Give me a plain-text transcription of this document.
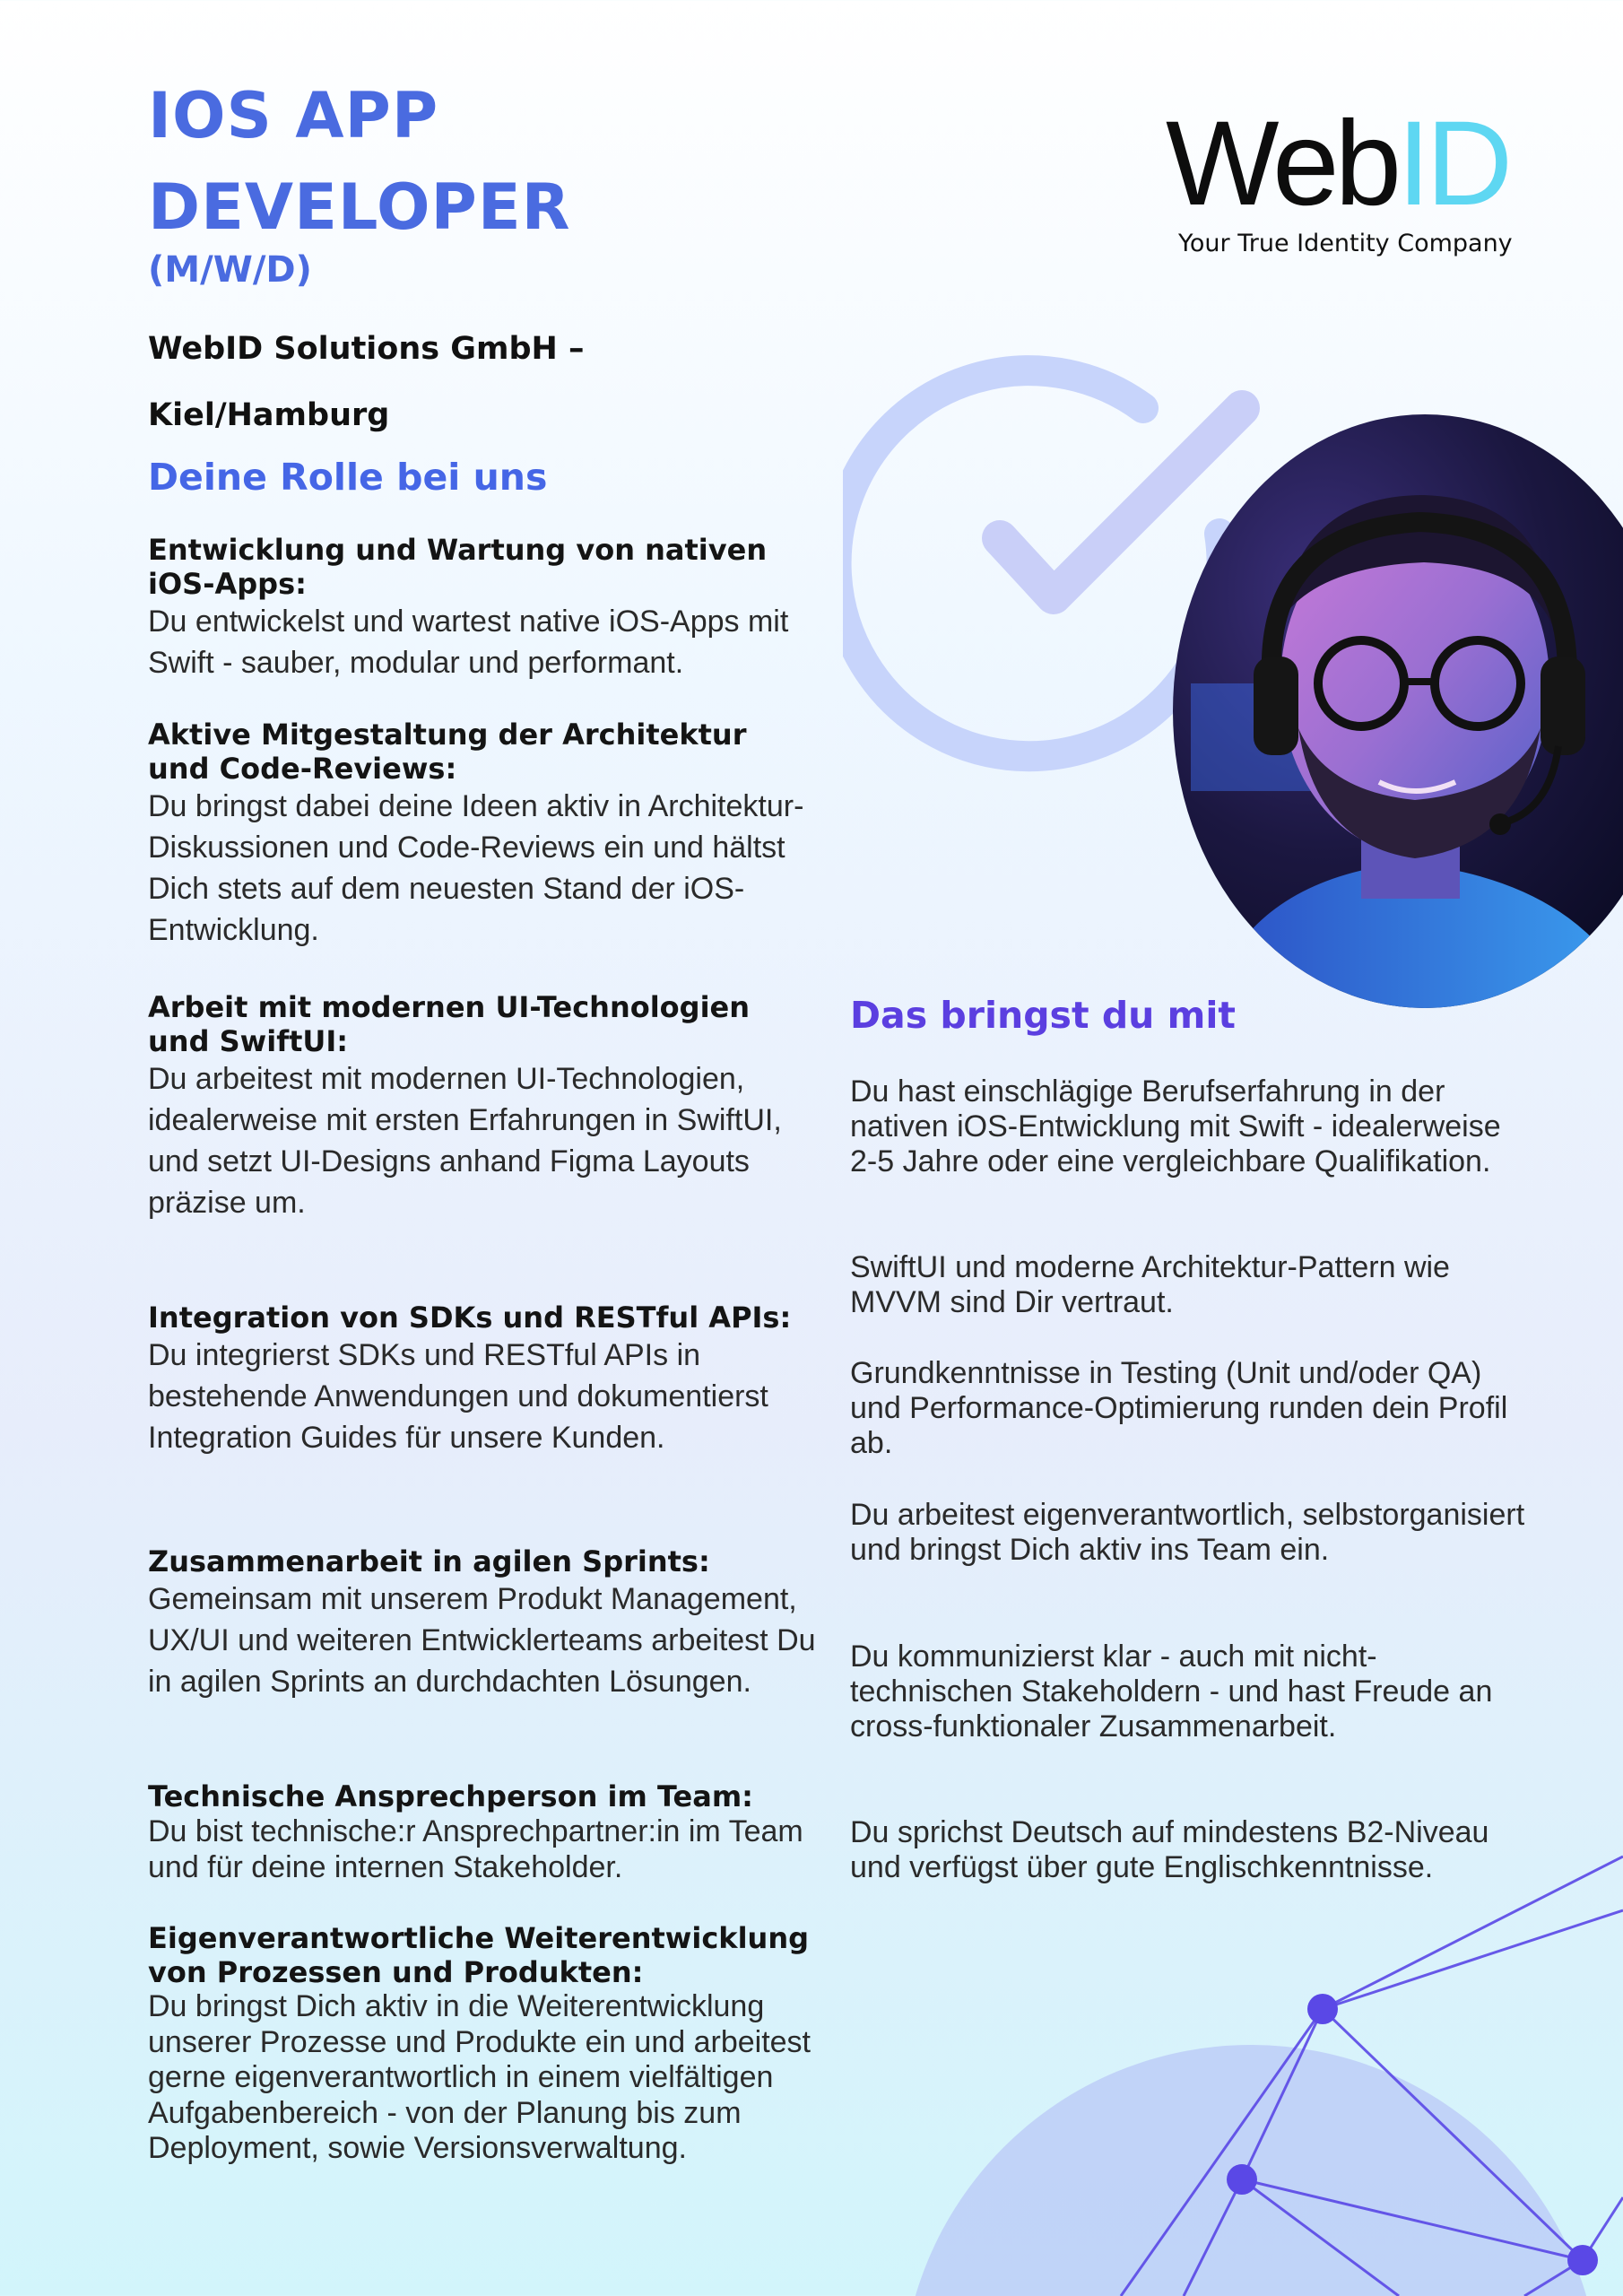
IOS APP
DEVELOPER
(M/W/D)
WebID Solutions GmbH –
Kiel/Hamburg
WebID
Your True Identity Company
Deine Rolle bei uns
Entwicklung und Wartung von nativen iOS-Apps:

Du entwickelst und wartest native iOS-Apps mit Swift - sauber, modular und performant.

Aktive Mitgestaltung der Architektur und Code-Reviews:

Du bringst dabei deine Ideen aktiv in Architektur-Diskussionen und Code-Reviews ein und hältst Dich stets auf dem neuesten Stand der iOS-Entwicklung.

Arbeit mit modernen UI-Technologien und SwiftUI:

Du arbeitest mit modernen UI-Technologien, idealerweise mit ersten Erfahrungen in SwiftUI, und setzt UI-Designs anhand Figma Layouts präzise um.

Integration von SDKs und RESTful APIs:

Du integrierst SDKs und RESTful APIs in bestehende Anwendungen und dokumentierst Integration Guides für unsere Kunden.

Zusammenarbeit in agilen Sprints:

Gemeinsam mit unserem Produkt Management, UX/UI und weiteren Entwicklerteams arbeitest Du in agilen Sprints an durchdachten Lösungen.

Technische Ansprechperson im Team:

Du bist technische:r Ansprechpartner:in im Team und für deine internen Stakeholder.

Eigenverantwortliche Weiterentwicklung von Prozessen und Produkten:

Du bringst Dich aktiv in die Weiterentwicklung unserer Prozesse und Produkte ein und arbeitest gerne eigenverantwortlich in einem vielfältigen Aufgabenbereich - von der Planung bis zum Deployment, sowie Versionsverwaltung.

Das bringst du mit

Du hast einschlägige Berufserfahrung in der nativen iOS-Entwicklung mit Swift - idealerweise 2-5 Jahre oder eine vergleichbare Qualifikation.

SwiftUI und moderne Architektur-Pattern wie MVVM sind Dir vertraut.

Grundkenntnisse in Testing (Unit und/oder QA) und Performance-Optimierung runden dein Profil ab.

Du arbeitest eigenverantwortlich, selbstorganisiert und bringst Dich aktiv ins Team ein.

Du kommunizierst klar - auch mit nicht-technischen Stakeholdern - und hast Freude an cross-funktionaler Zusammenarbeit.

Du sprichst Deutsch auf mindestens B2-Niveau und verfügst über gute Englischkenntnisse.
